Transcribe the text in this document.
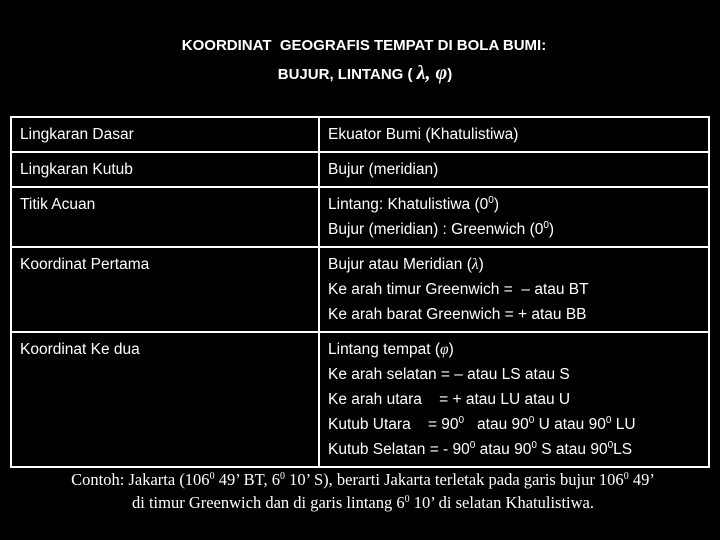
KOORDINAT  GEOGRAFIS TEMPAT DI BOLA BUMI:
BUJUR, LINTANG ( λ, φ)
Lingkaran Dasar	Ekuator Bumi (Khatulistiwa)

Lingkaran Kutub	Bujur (meridian)

Titik Acuan	Lintang: Khatulistiwa $(0^0)$
Bujur (meridian) : Greenwich $(0^0)$

Koordinat Pertama	Bujur atau Meridian (λ)
Ke arah timur Greenwich =  – atau BT
Ke arah barat Greenwich = + atau BB

Koordinat Ke dua	Lintang tempat (φ)
Ke arah selatan = – atau LS atau S
Ke arah utara    = + atau LU atau U
Kutub Utara    = $90^0$   atau $90^0$ U atau $90^0$ LU
Kutub Selatan = - $90^0$ atau $90^0$ S atau $90^0LS$
Contoh: Jakarta ($106^0$ 49’ BT, $6^0$ 10’ S), berarti Jakarta terletak pada garis bujur $106^0$ 49’
di timur Greenwich dan di garis lintang $6^0$ 10’ di selatan Khatulistiwa.
